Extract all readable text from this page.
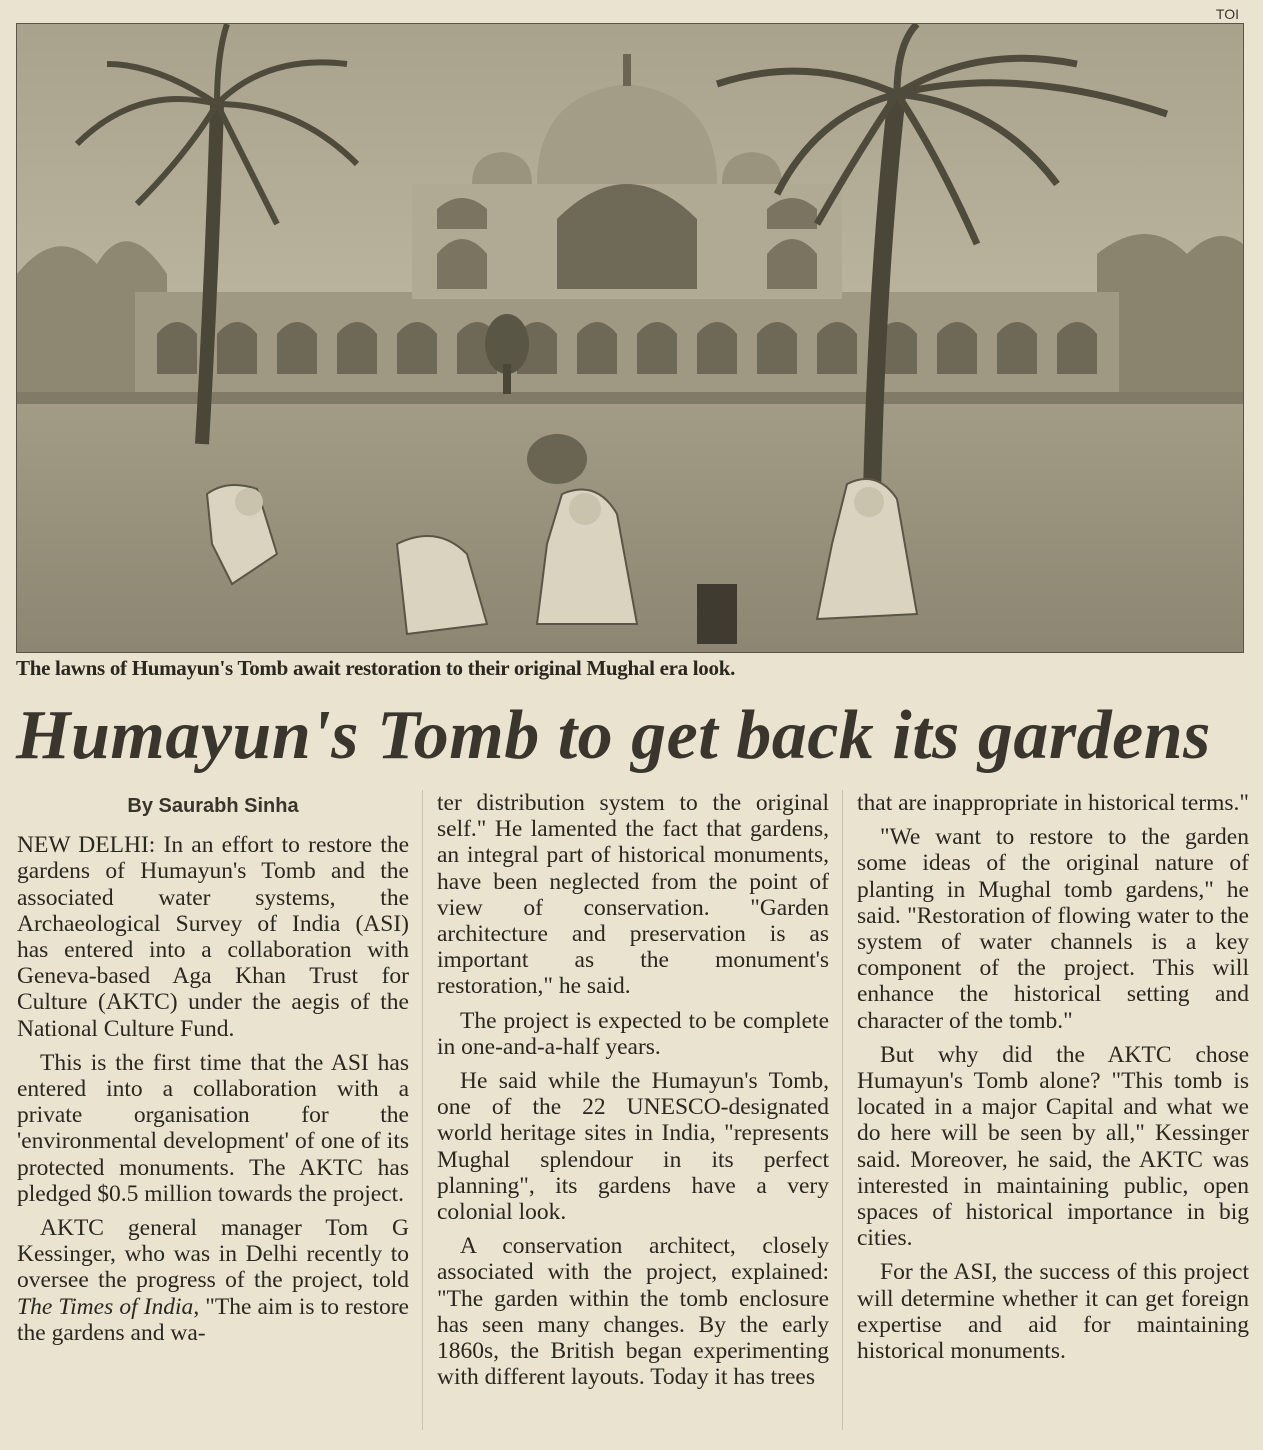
TOI
The lawns of Humayun's Tomb await restoration to their original Mughal era look.
Humayun's Tomb to get back its gardens
By Saurabh Sinha

NEW DELHI: In an effort to restore the gardens of Humayun's Tomb and the associated water systems, the Archaeological Survey of India (ASI) has entered into a collaboration with Geneva-based Aga Khan Trust for Culture (AKTC) under the aegis of the National Culture Fund.

This is the first time that the ASI has entered into a collaboration with a private organisation for the 'environmental development' of one of its protected monuments. The AKTC has pledged $0.5 million towards the project.

AKTC general manager Tom G Kessinger, who was in Delhi recently to oversee the progress of the project, told The Times of India, "The aim is to restore the gardens and wa-

ter distribution system to the original self." He lamented the fact that gardens, an integral part of historical monuments, have been neglected from the point of view of conservation. "Garden architecture and preservation is as important as the monument's restoration," he said.

The project is expected to be complete in one-and-a-half years.

He said while the Humayun's Tomb, one of the 22 UNESCO-designated world heritage sites in India, "represents Mughal splendour in its perfect planning", its gardens have a very colonial look.

A conservation architect, closely associated with the project, explained: "The garden within the tomb enclosure has seen many changes. By the early 1860s, the British began experimenting with different layouts. Today it has trees

that are inappropriate in historical terms."

"We want to restore to the garden some ideas of the original nature of planting in Mughal tomb gardens," he said. "Restoration of flowing water to the system of water channels is a key component of the project. This will enhance the historical setting and character of the tomb."

But why did the AKTC chose Humayun's Tomb alone? "This tomb is located in a major Capital and what we do here will be seen by all," Kessinger said. Moreover, he said, the AKTC was interested in maintaining public, open spaces of historical importance in big cities.

For the ASI, the success of this project will determine whether it can get foreign expertise and aid for maintaining historical monuments.
